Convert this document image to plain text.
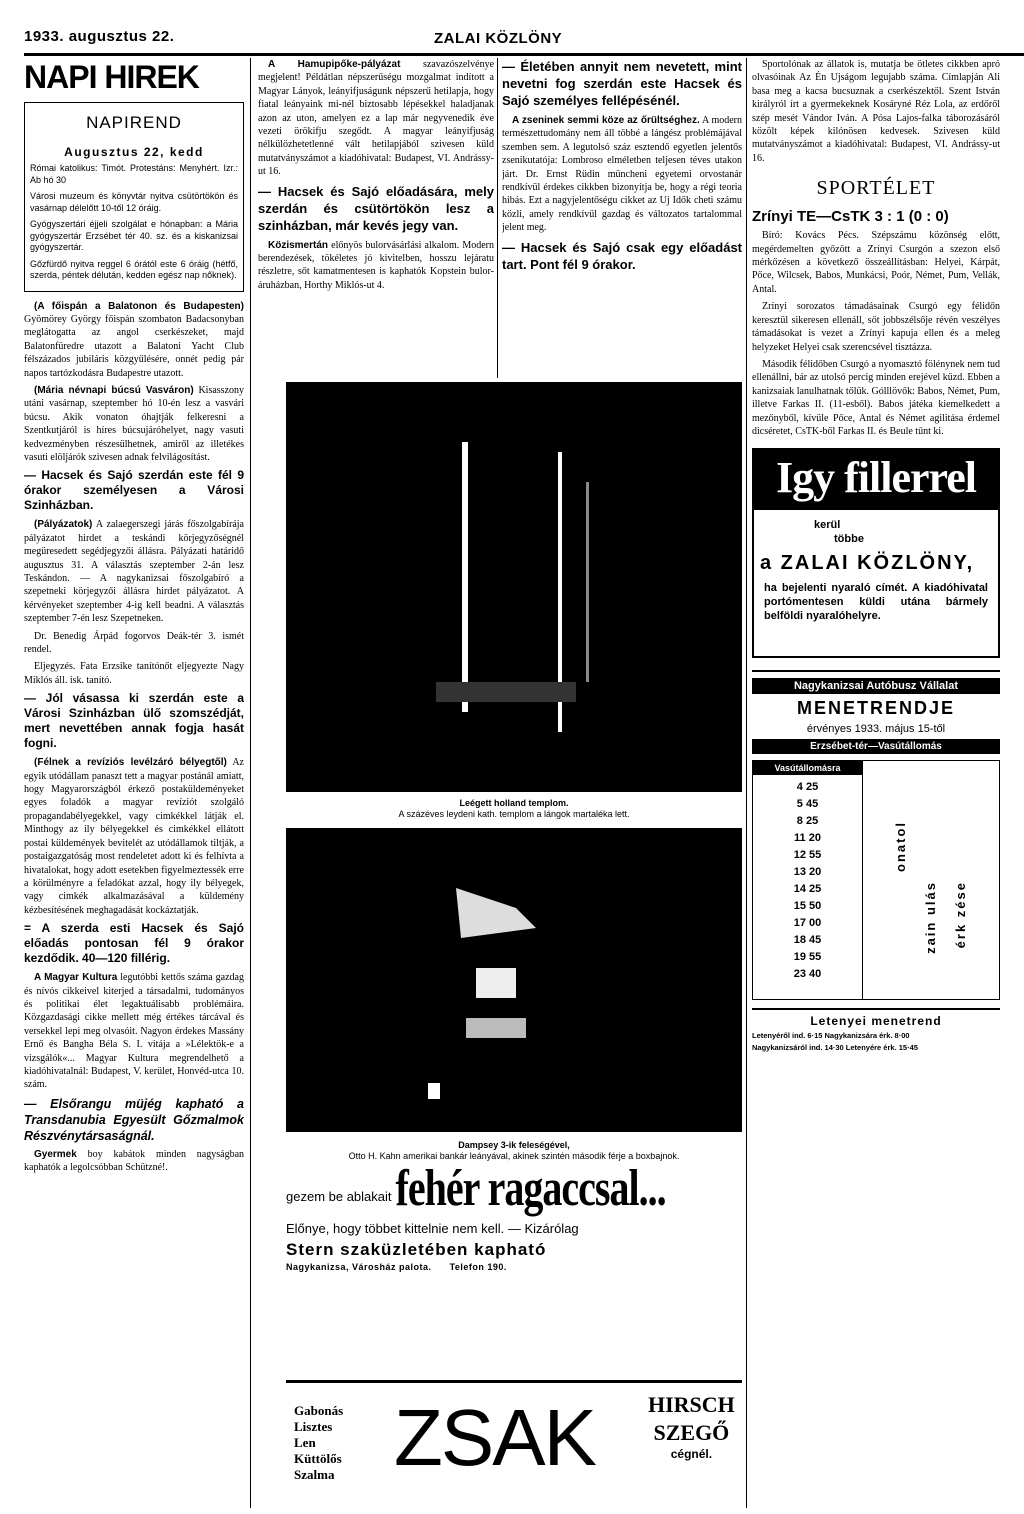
1933. augusztus 22.	ZALAI KÖZLÖNY
NAPI HIREK
NAPIREND
Augusztus 22, kedd

Római katolikus: Timót. Protestáns: Menyhért. Izr.: Ab hó 30

Városi muzeum és könyvtár nyitva csütörtökön és vasárnap délelőtt 10-től 12 óráig.

Gyógyszertári éjjeli szolgálat e hónapban: a Mária gyógyszertár Erzsébet tér 40. sz. és a kiskanizsai gyógyszertár.

Gőzfürdő nyitva reggel 6 órától este 6 óráig (hétfő, szerda, péntek délután, kedden egész nap nőknek).

(A főispán a Balatonon és Budapesten) Gyömörey György főispán szombaton Badacsonyban meglátogatta az angol cserkészeket, majd Balatonfüredre utazott a Balatoni Yacht Club félszázados jubiláris közgyűlésére, onnét pedig pár napos tartózkodásra Budapestre utazott.

(Mária névnapi búcsú Vasváron) Kisasszony utáni vasárnap, szeptember hó 10-én lesz a vasvári búcsu. Akik vonaton óhajtják felkeresni a Szentkutjáról is híres búcsujáróhelyet, nagy vasuti kedvezményben részesülhetnek, amiről az illetékes vasuti elöljárók szivesen adnak felvilágosítást.

— Hacsek és Sajó szerdán este fél 9 órakor személyesen a Városi Szinházban.

(Pályázatok) A zalaegerszegi járás főszolgabírája pályázatot hirdet a teskándi körjegyzőségnél megüresedett segédjegyzői állásra. Pályázati határidő augusztus 31. A választás szeptember 2-án lesz Teskándon. — A nagykanizsai főszolgabíró a szepetneki körjegyzői állásra hirdet pályázatot. A kérvényeket szeptember 4-ig kell beadni. A választás szeptember 7-én lesz Szepetneken.

Dr. Benedig Árpád fogorvos Deák-tér 3. ismét rendel.

Eljegyzés. Fata Erzsike tanítónőt eljegyezte Nagy Miklós áll. isk. tanító.

— Jól vásassa ki szerdán este a Városi Szinházban ülő szomszédját, mert nevettében annak fogja hasát fogni.

(Félnek a revíziós levélzáró bélyegtől) Az egyik utódállam panaszt tett a magyar postánál amiatt, hogy Magyarországból érkező postaküldeményeket egyes foladók a magyar revíziót szolgáló propagandabélyegekkel, vagy cimkékkel látják el. Minthogy az ily bélyegekkel és cimkékkel ellátott postai küldemények bevitelét az utódállamok tiltják, a postaigazgatóság most rendeletet adott ki és felhívta a hivatalokat, hogy adott esetekben figyelmeztessék erre a körülményre a feladókat azzal, hogy ily bélyegek, vagy cimkék alkalmazásával a küldemény kézbesítésének meghagadását kockáztatják.

= A szerda esti Hacsek és Sajó előadás pontosan fél 9 órakor kezdődik. 40—120 fillérig.

A Magyar Kultura legutóbbi kettős száma gazdag és nívós cikkeivel kiterjed a társadalmi, tudományos és politikai élet legaktuálisabb problémáira. Közgazdasági cikke mellett még értékes tárcával és versekkel lepi meg olvasóit. Nagyon érdekes Massány Ernő és Bangha Béla S. I. vitája a »Lélektök-e a vizsgálók«... Magyar Kultura megrendelhető a kiadóhivatalnál: Budapest, V. kerület, Honvéd-utca 10. szám.

— Elsőrangu müjég kapható a Transdanubia Egyesült Gőzmalmok Részvénytársaságnál.

Gyermek boy kabátok minden nagyságban kaphatók a legolcsóbban Schützné!.

A Hamupipőke-pályázat szavazószelvénye megjelent! Példátlan népszerűségu mozgalmat indított a Magyar Lányok, leányifjuságunk népszerű hetilapja, hogy fiatal leányaink mi-nél biztosabb lépésekkel haladjanak azon az uton, amelyen ez a lap már negyvenedik éve vezeti örökifju szegődt. A magyar leányifjuság nélkülözhetetlenné vált hetilapjából szivesen küld mutatványszámot a kiadóhivatal: Budapest, VI. Andrássy-ut 16.

— Hacsek és Sajó előadására, mely szerdán és csütörtökön lesz a szinházban, már kevés jegy van.

Közismertán előnyös bulorvásárlási alkalom. Modern berendezések, tökéletes jó kivitelben, hosszu lejáratu részletre, sőt kamatmentesen is kaphatók Kopstein bulor-áruházban, Horthy Miklós-ut 4.

— Életében annyit nem nevetett, mint nevetni fog szerdán este Hacsek és Sajó személyes fellépésénél.

A zseninek semmi köze az őrültséghez. A modern természettudomány nem áll többé a lángész problémájával szemben sem. A legutolsó száz esztendő egyetlen jelentős zsenikutatója: Lombroso elméletben teljesen téves utakon járt. Dr. Ernst Rüdin müncheni egyetemi orvostanár rendkívül érdekes cikkben bizonyítja be, hogy a régi teoria hibás. Ezt a nagyjelentőségu cikket az Uj Idők cheti számu közli, amely rendkívül gazdag és változatos tartalommal jelent meg.

— Hacsek és Sajó csak egy előadást tart. Pont fél 9 órakor.

Leégett holland templom.
A százéves leydeni kath. templom a lángok martaléka lett.
Dampsey 3-ik feleségével,
Otto H. Kahn amerikai bankár leányával, akinek szintén második férje a boxbajnok.
gezem be ablakait fehér ragaccsal...
Előnye, hogy többet kittelnie nem kell. — Kizárólag
Stern szaküzletében kapható
Nagykanizsa, Városház palota. Telefon 190.
Gabonás
Lisztes
Len
Küttölős
Szalma ZSAK HIRSCH
SZEGŐ
cégnél.

Sportolónak az állatok is, mutatja be ötletes cikkben apró olvasóinak Az Én Ujságom legujabb száma. Címlapján Ali basa meg a kacsa bucsuznak a cserkészektől. Szent István királyról írt a gyermekeknek Kosáryné Réz Lola, az erdőről szép mesét Vándor Iván. A Pósa Lajos-falka táborozásáról közölt képek kilónösen kedvesek. Szivesen küld mutatványszámot a kiadóhivatal: Budapest, VI. Andrássy-ut 16.

SPORTÉLET

Zrínyi TE—CsTK 3 : 1 (0 : 0)

Bíró: Kovács Pécs. Szépszámu közönség előtt, megérdemelten győzött a Zrínyi Csurgón a szezon első mérkőzésen a következő összeállításban: Helyei, Kárpát, Pőce, Wilcsek, Babos, Munkácsi, Poór, Német, Pum, Vellák, Antal.

Zrínyi sorozatos támadásainak Csurgó egy félidőn keresztül sikeresen ellenáll, sőt jobbszélsője révén veszélyes támadásokat is vezet a Zrínyi kapuja ellen és a meleg helyzeket Helyei csak szerencsével tisztázza.

Második félidőben Csurgó a nyomasztó fölénynek nem tud ellenállni, bár az utolsó percig minden erejével küzd. Ebben a kanizsaiak lanulhatnak tőlük. Gólllövők: Babos, Német, Pum, illetve Farkas II. (11-esből). Babos játéka kiemelkedett a mezőnyből, kívüle Pőce, Antal és Német agilitása érdemel dicséretet, CsTK-ből Farkas II. és Beule tűnt ki.

Igy fillerrel
kerül
többe
a ZALAI KÖZLÖNY,
ha bejelenti nyaraló címét. A kiadóhivatal portómentesen küldi utána bármely belföldi nyaralóhelyre.
Nagykanizsai Autóbusz Vállalat
MENETRENDJE
érvényes 1933. május 15-től
Erzsébet-tér—Vasútállomás
Vasútállomásra
4 25
5 45
8 25
11 20
12 55
13 20
14 25
15 50
17 00
18 45
19 55
23 40
onatol
zain ulás érk zése
Letenyei menetrend
Letenyéről ind. 6·15 Nagykanizsára érk. 8·00
Nagykanizsáról ind. 14·30 Letenyére érk. 15·45
